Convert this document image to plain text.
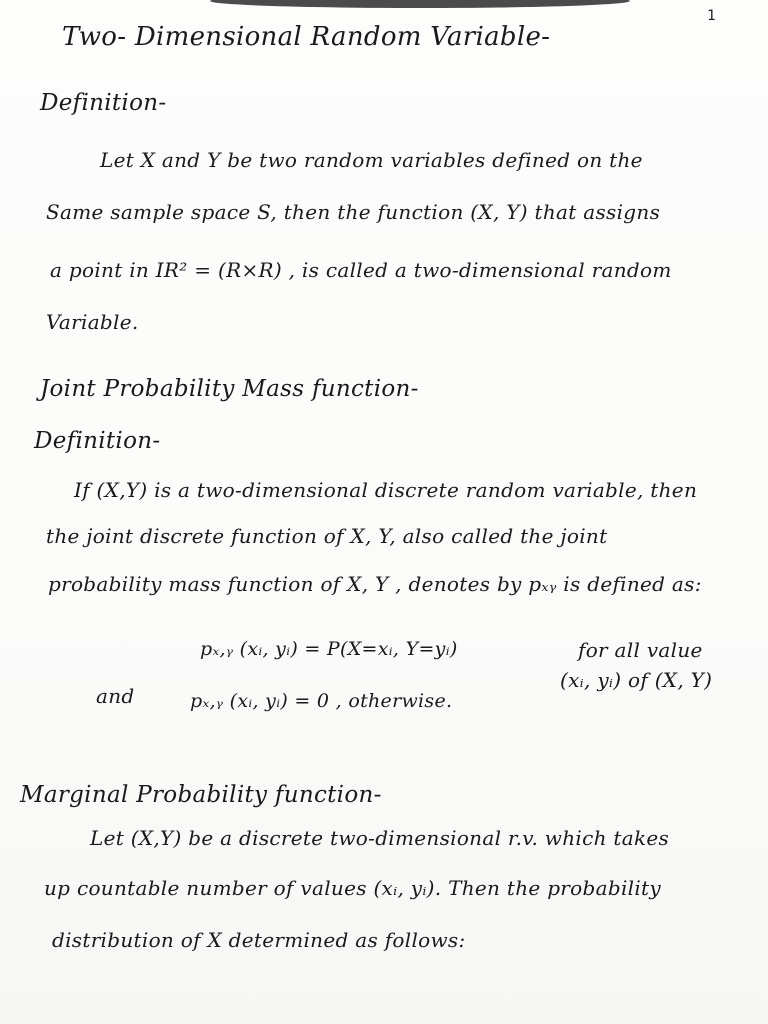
1
Two- Dimensional Random Variable-
Definition-
Let X and Y be two random variables defined on the
Same sample space S, then the function (X, Y) that assigns
a point in IR² = (R×R) , is called a two-dimensional random
Variable.
Joint Probability Mass function-
Definition-
If (X,Y) is a two-dimensional discrete random variable, then
the joint discrete function of X, Y, also called the joint
probability mass function of X, Y , denotes by pₓᵧ is defined as:
pₓ,ᵧ (xᵢ, yᵢ) = P(X=xᵢ, Y=yᵢ)	for all value
(xᵢ, yᵢ) of (X, Y)
and	pₓ,ᵧ (xᵢ, yᵢ) = 0 , otherwise.
Marginal Probability function-
Let (X,Y) be a discrete two-dimensional r.v. which takes
up countable number of values (xᵢ, yᵢ). Then the probability
distribution of X determined as follows:
